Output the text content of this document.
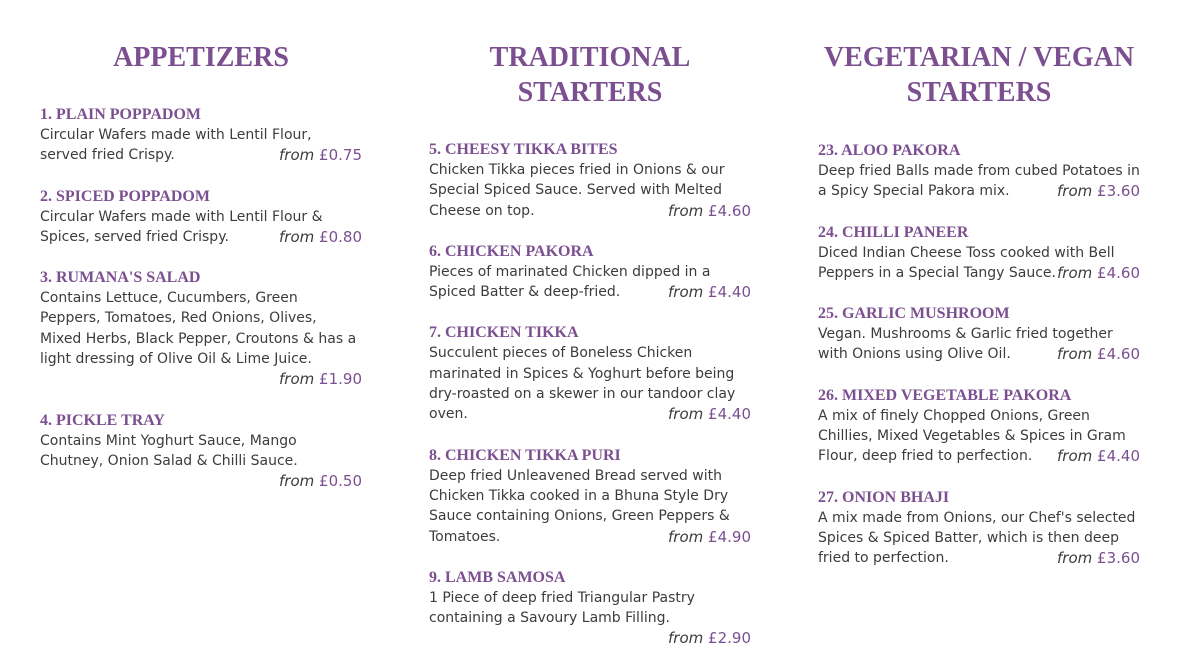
APPETIZERS

1. PLAIN POPPADOM

Circular Wafers made with Lentil Flour, served fried Crispy.	from £0.75

2. SPICED POPPADOM

Circular Wafers made with Lentil Flour & Spices, served fried Crispy.	from £0.80

3. RUMANA'S SALAD

Contains Lettuce, Cucumbers, Green Peppers, Tomatoes, Red Onions, Olives, Mixed Herbs, Black Pepper, Croutons & has a light dressing of Olive Oil & Lime Juice.
from £1.90

4. PICKLE TRAY

Contains Mint Yoghurt Sauce, Mango Chutney, Onion Salad & Chilli Sauce.
from £0.50

TRADITIONAL STARTERS

5. CHEESY TIKKA BITES

Chicken Tikka pieces fried in Onions & our Special Spiced Sauce. Served with Melted Cheese on top.	from £4.60

6. CHICKEN PAKORA

Pieces of marinated Chicken dipped in a Spiced Batter & deep-fried.	from £4.40

7. CHICKEN TIKKA

Succulent pieces of Boneless Chicken marinated in Spices & Yoghurt before being dry-roasted on a skewer in our tandoor clay oven.	from £4.40

8. CHICKEN TIKKA PURI

Deep fried Unleavened Bread served with Chicken Tikka cooked in a Bhuna Style Dry Sauce containing Onions, Green Peppers & Tomatoes.	from £4.90

9. LAMB SAMOSA

1 Piece of deep fried Triangular Pastry containing a Savoury Lamb Filling.
from £2.90

VEGETARIAN / VEGAN STARTERS

23. ALOO PAKORA

Deep fried Balls made from cubed Potatoes in a Spicy Special Pakora mix.	from £3.60

24. CHILLI PANEER

Diced Indian Cheese Toss cooked with Bell Peppers in a Special Tangy Sauce. from £4.60

25. GARLIC MUSHROOM

Vegan. Mushrooms & Garlic fried together with Onions using Olive Oil.	from £4.60

26. MIXED VEGETABLE PAKORA

A mix of finely Chopped Onions, Green Chillies, Mixed Vegetables & Spices in Gram Flour, deep fried to perfection. from £4.40

27. ONION BHAJI

A mix made from Onions, our Chef's selected Spices & Spiced Batter, which is then deep fried to perfection.	from £3.60
